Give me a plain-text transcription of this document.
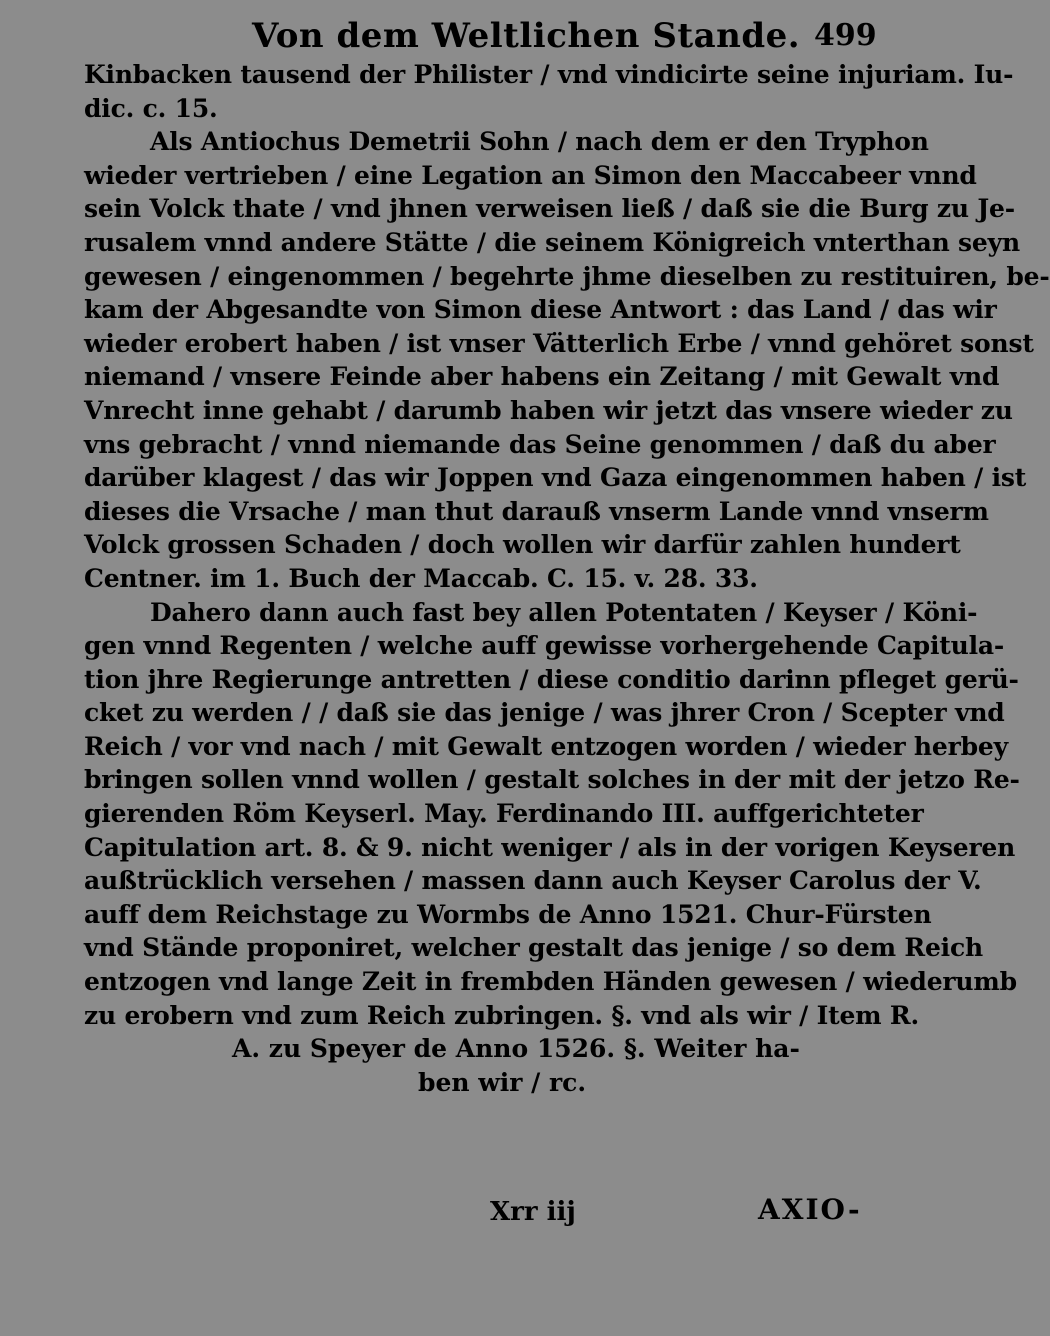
Von dem Weltlichen Stande. 499
Kinbacken tausend der Philister / vnd vindicirte seine injuriam. Iu-
dic. c. 15.
Als Antiochus Demetrii Sohn / nach dem er den Tryphon
wieder vertrieben / eine Legation an Simon den Maccabeer vnnd
sein Volck thate / vnd jhnen verweisen ließ / daß sie die Burg zu Je-
rusalem vnnd andere Stätte / die seinem Königreich vnterthan seyn
gewesen / eingenommen / begehrte jhme dieselben zu restituiren, be-
kam der Abgesandte von Simon diese Antwort : das Land / das wir
wieder erobert haben / ist vnser Vätterlich Erbe / vnnd gehöret sonst
niemand / vnsere Feinde aber habens ein Zeitang / mit Gewalt vnd
Vnrecht inne gehabt / darumb haben wir jetzt das vnsere wieder zu
vns gebracht / vnnd niemande das Seine genommen / daß du aber
darüber klagest / das wir Joppen vnd Gaza eingenommen haben / ist
dieses die Vrsache / man thut darauß vnserm Lande vnnd vnserm
Volck grossen Schaden / doch wollen wir darfür zahlen hundert
Centner. im 1. Buch der Maccab. C. 15. v. 28. 33.
Dahero dann auch fast bey allen Potentaten / Keyser / Köni-
gen vnnd Regenten / welche auff gewisse vorhergehende Capitula-
tion jhre Regierunge antretten / diese conditio darinn pfleget gerü-
cket zu werden / / daß sie das jenige / was jhrer Cron / Scepter vnd
Reich / vor vnd nach / mit Gewalt entzogen worden / wieder herbey
bringen sollen vnnd wollen / gestalt solches in der mit der jetzo Re-
gierenden Röm Keyserl. May. Ferdinando III. auffgerichteter
Capitulation art. 8. & 9. nicht weniger / als in der vorigen Keyseren
außtrücklich versehen / massen dann auch Keyser Carolus der V.
auff dem Reichstage zu Wormbs de Anno 1521. Chur-Fürsten
vnd Stände proponiret, welcher gestalt das jenige / so dem Reich
entzogen vnd lange Zeit in frembden Händen gewesen / wiederumb
zu erobern vnd zum Reich zubringen. §. vnd als wir / Item R.
A. zu Speyer de Anno 1526. §. Weiter ha-
ben wir / rc.
Xrr iij	AXIO-
